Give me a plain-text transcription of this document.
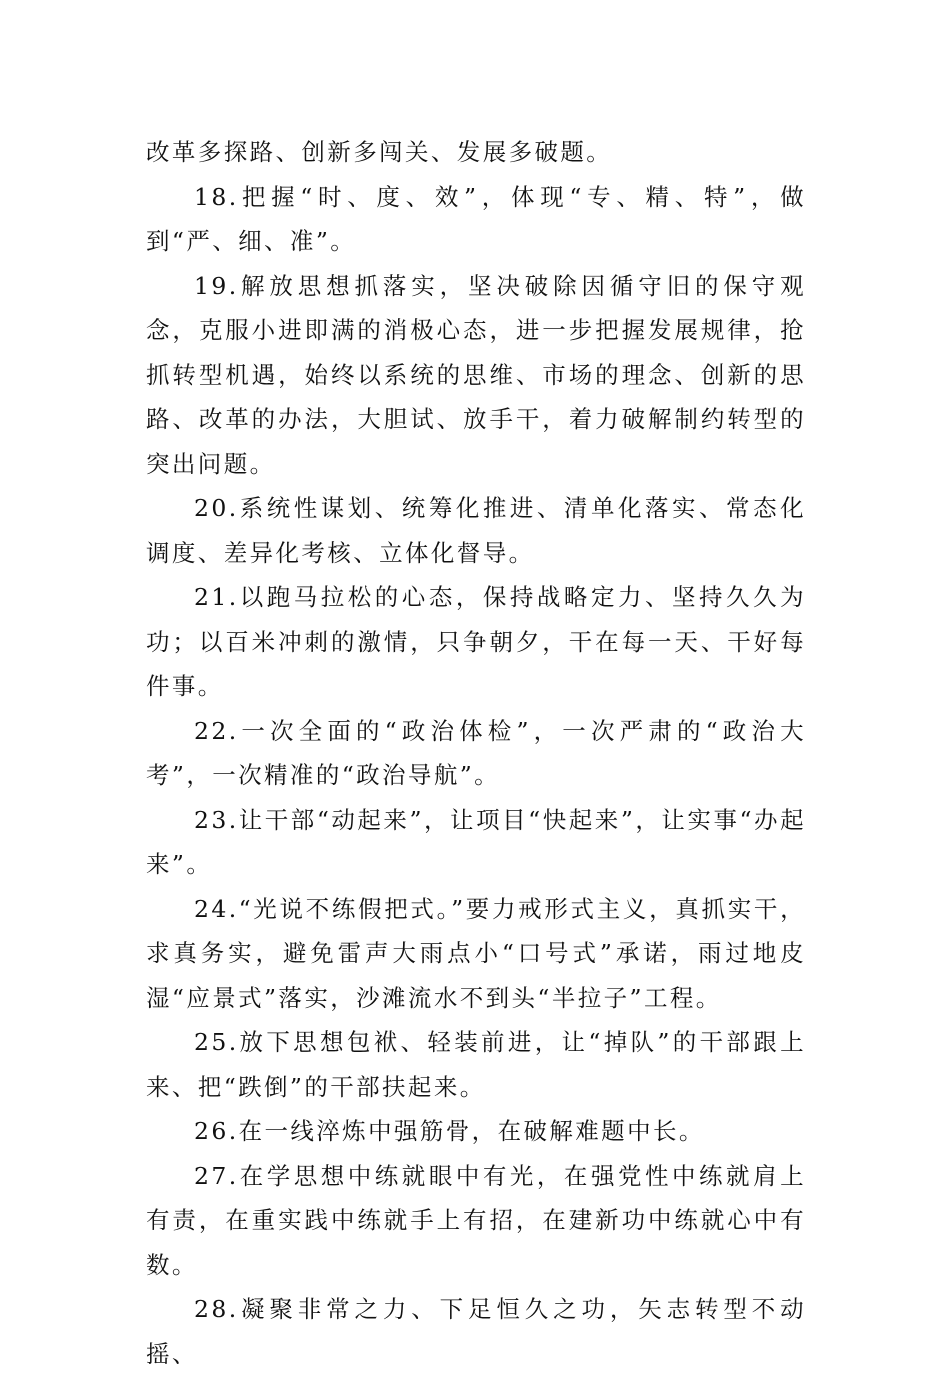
改革多探路、创新多闯关、发展多破题。

18.把握“时、度、效”，体现“专、精、特”，做到“严、细、准”。

19.解放思想抓落实，坚决破除因循守旧的保守观念，克服小进即满的消极心态，进一步把握发展规律，抢抓转型机遇，始终以系统的思维、市场的理念、创新的思路、改革的办法，大胆试、放手干，着力破解制约转型的突出问题。

20.系统性谋划、统筹化推进、清单化落实、常态化调度、差异化考核、立体化督导。

21.以跑马拉松的心态，保持战略定力、坚持久久为功；以百米冲刺的激情，只争朝夕，干在每一天、干好每件事。

22.一次全面的“政治体检”，一次严肃的“政治大考”，一次精准的“政治导航”。

23.让干部“动起来”，让项目“快起来”，让实事“办起来”。

24.“光说不练假把式。”要力戒形式主义，真抓实干，求真务实，避免雷声大雨点小“口号式”承诺，雨过地皮湿“应景式”落实，沙滩流水不到头“半拉子”工程。

25.放下思想包袱、轻装前进，让“掉队”的干部跟上来、把“跌倒”的干部扶起来。

26.在一线淬炼中强筋骨，在破解难题中长。

27.在学思想中练就眼中有光，在强党性中练就肩上有责，在重实践中练就手上有招，在建新功中练就心中有数。

28.凝聚非常之力、下足恒久之功，矢志转型不动摇、
